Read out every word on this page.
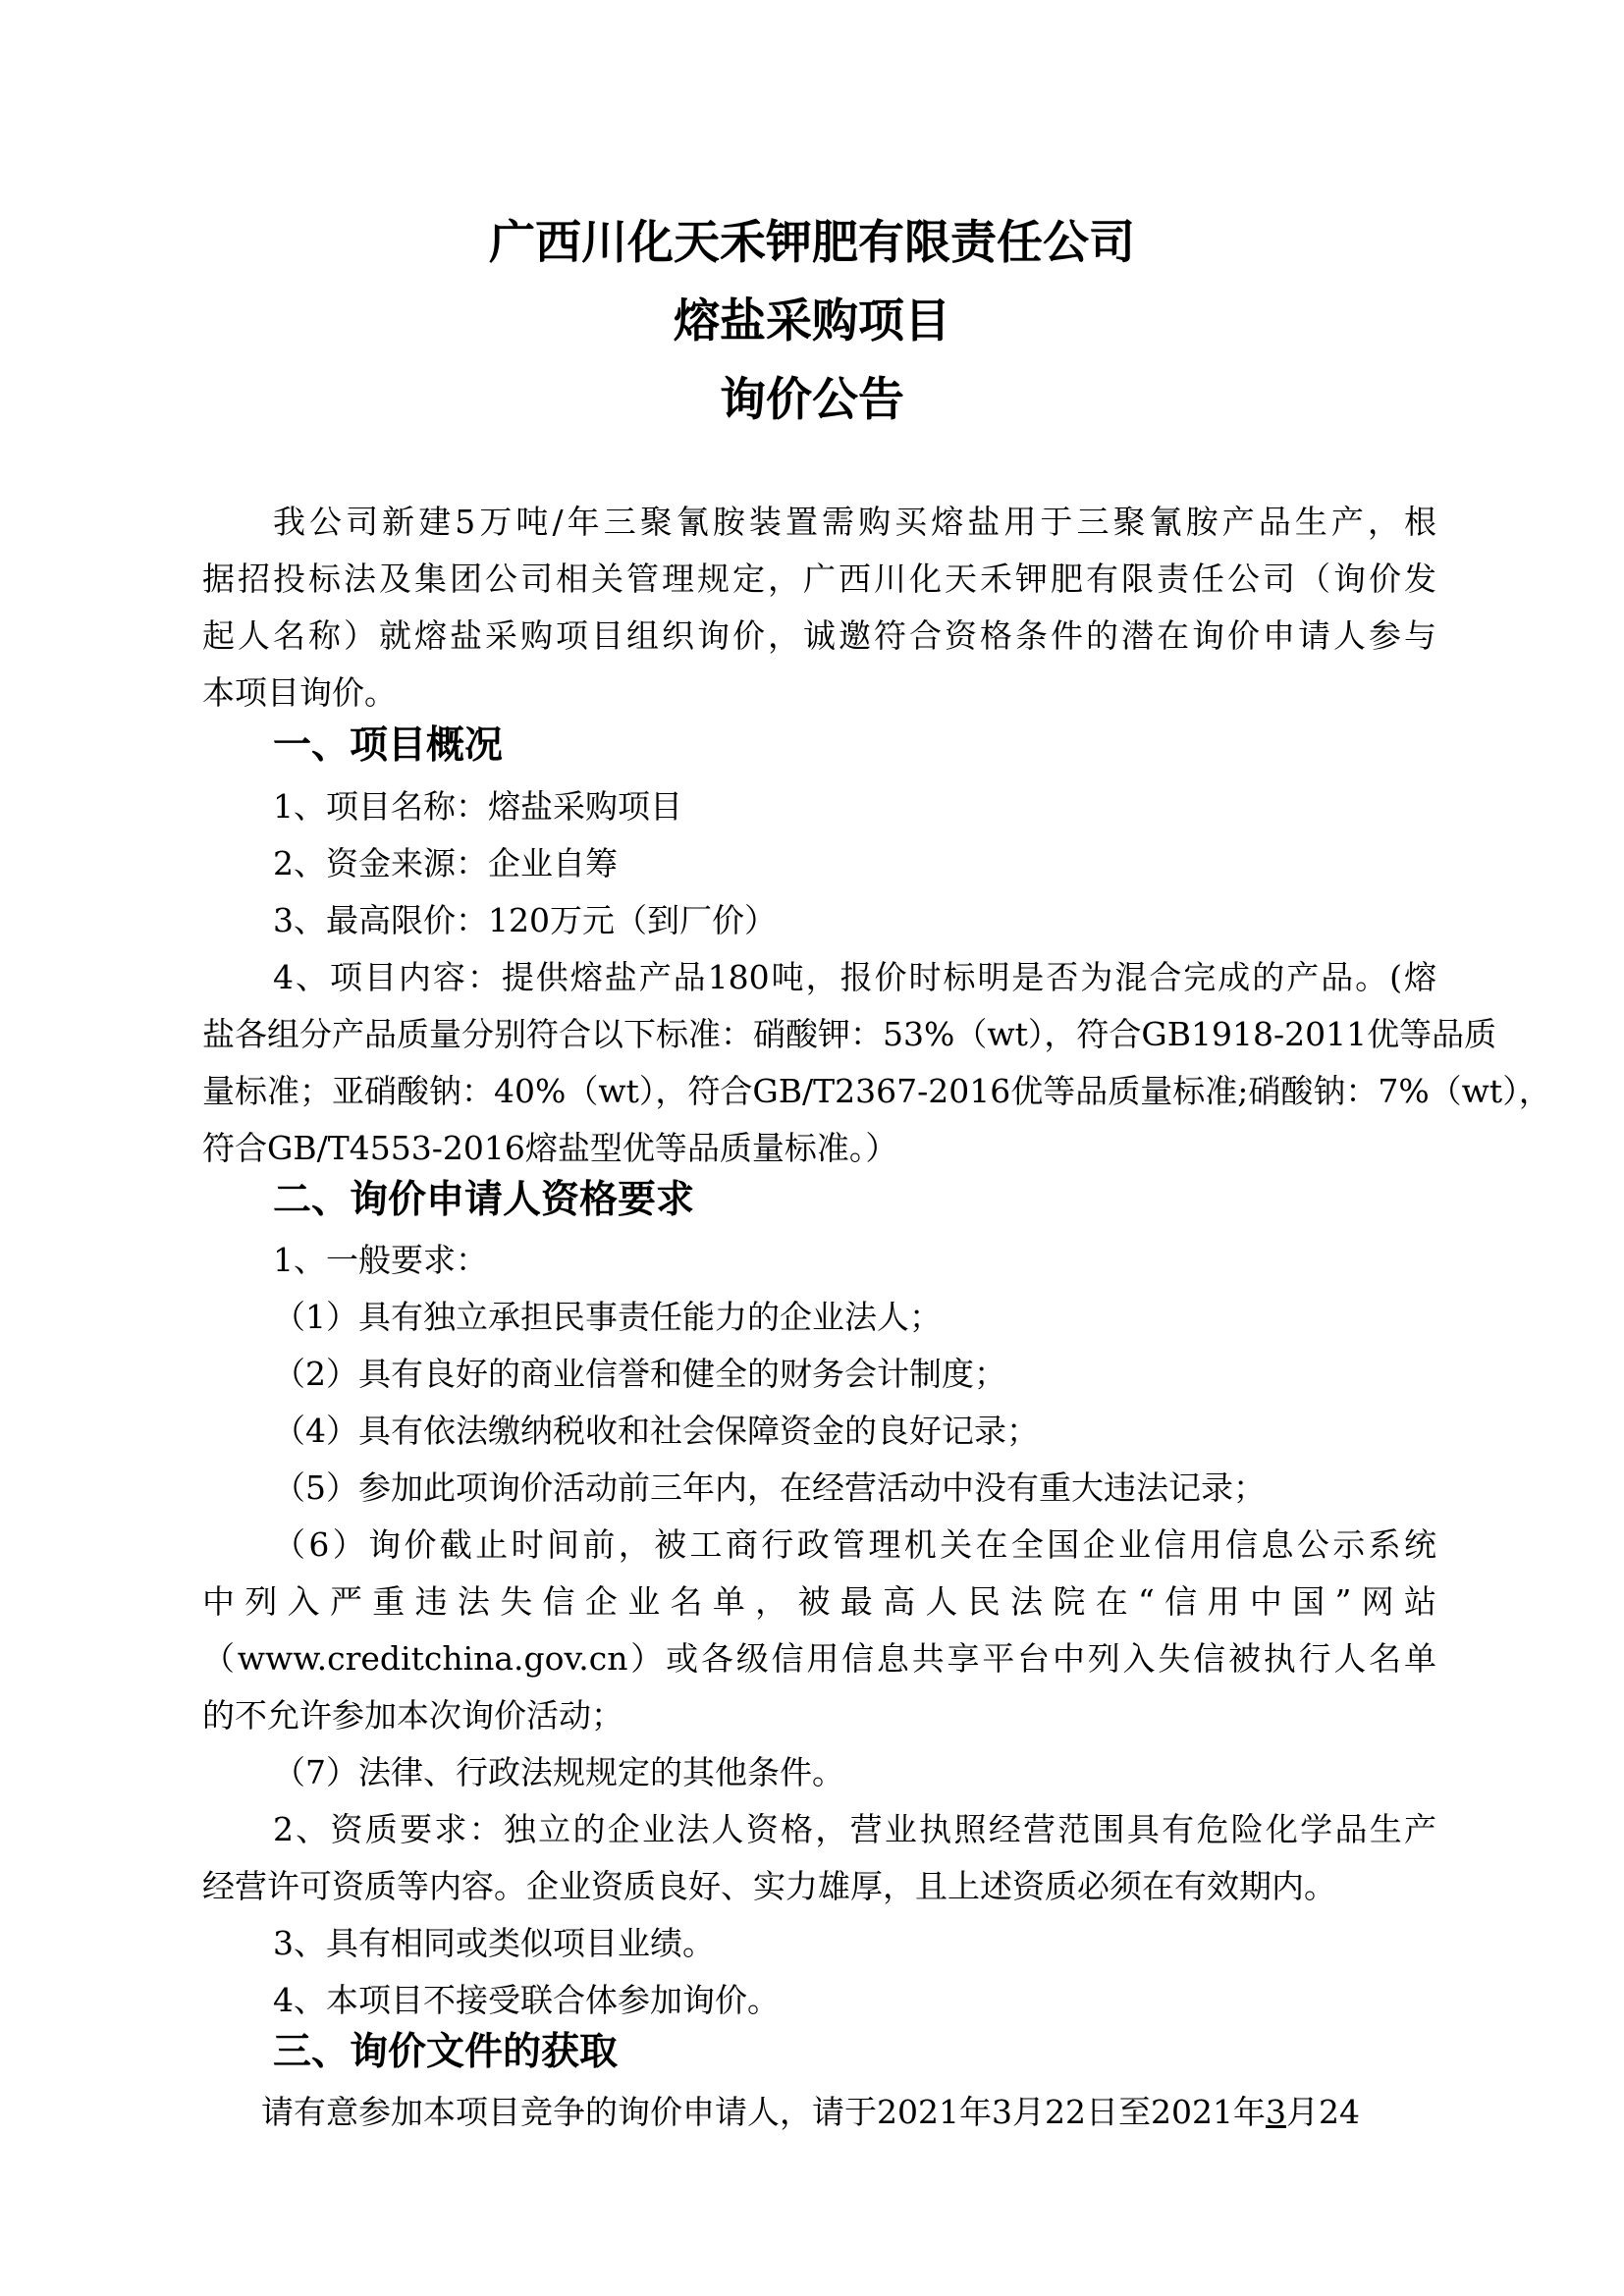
广西川化天禾钾肥有限责任公司
熔盐采购项目
询价公告

我公司新建5万吨/年三聚氰胺装置需购买熔盐用于三聚氰胺产品生产，根

据招投标法及集团公司相关管理规定，广西川化天禾钾肥有限责任公司（询价发

起人名称）就熔盐采购项目组织询价，诚邀符合资格条件的潜在询价申请人参与

本项目询价。

一、项目概况

1、项目名称：熔盐采购项目

2、资金来源：企业自筹

3、最高限价：120万元（到厂价）

4、项目内容：提供熔盐产品180吨，报价时标明是否为混合完成的产品。(熔

盐各组分产品质量分别符合以下标准：硝酸钾：53%（wt），符合GB1918-2011优等品质

量标准；亚硝酸钠：40%（wt），符合GB/T2367-2016优等品质量标准;硝酸钠：7%（wt），

符合GB/T4553-2016熔盐型优等品质量标准。）

二、询价申请人资格要求

1、一般要求：

（1）具有独立承担民事责任能力的企业法人；

（2）具有良好的商业信誉和健全的财务会计制度；

（4）具有依法缴纳税收和社会保障资金的良好记录；

（5）参加此项询价活动前三年内，在经营活动中没有重大违法记录；

（6）询价截止时间前，被工商行政管理机关在全国企业信用信息公示系统

中列入严重违法失信企业名单，被最高人民法院在“信用中国”网站

（www.creditchina.gov.cn）或各级信用信息共享平台中列入失信被执行人名单

的不允许参加本次询价活动；

（7）法律、行政法规规定的其他条件。

2、资质要求：独立的企业法人资格，营业执照经营范围具有危险化学品生产

经营许可资质等内容。企业资质良好、实力雄厚，且上述资质必须在有效期内。

3、具有相同或类似项目业绩。

4、本项目不接受联合体参加询价。

三、询价文件的获取

请有意参加本项目竞争的询价申请人，请于2021年3月22日至2021年3月24
